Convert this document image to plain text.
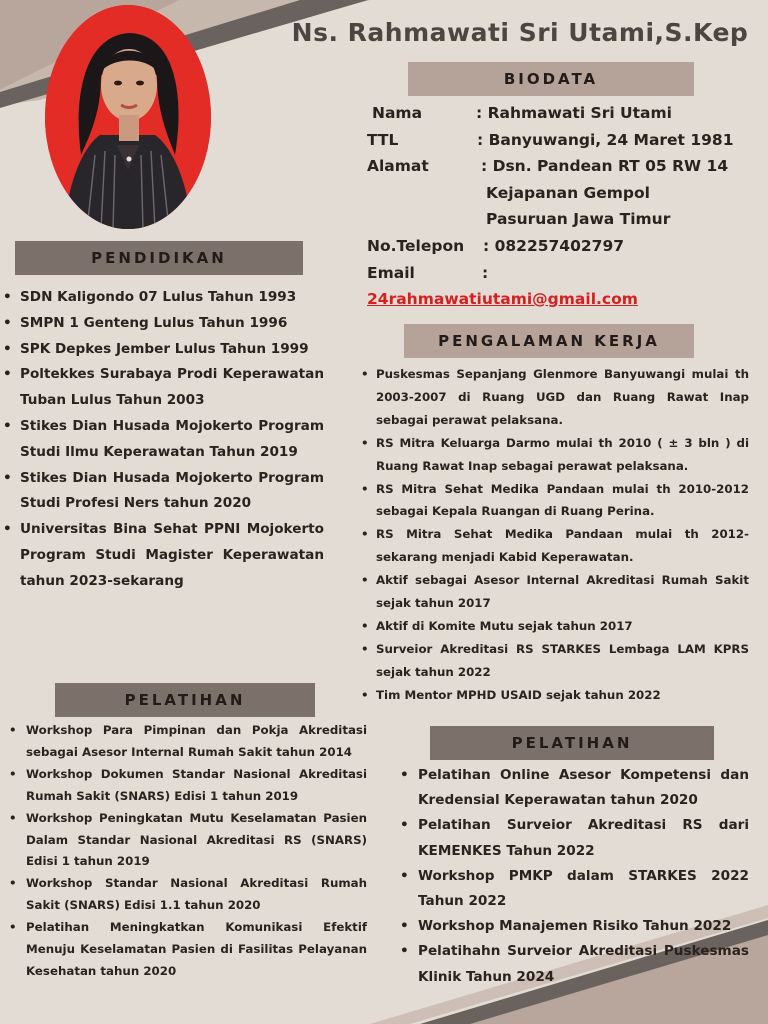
Ns. Rahmawati Sri Utami,S.Kep
BIODATA
Nama	: Rahmawati Sri Utami
TTL	: Banyuwangi, 24 Maret 1981
Alamat	: Dsn. Pandean RT 05 RW 14
Kejapanan Gempol
Pasuruan Jawa Timur
No.Telepon : 082257402797
Email	:
24rahmawatiutami@gmail.com
PENDIDIKAN
• SDN Kaligondo 07 Lulus Tahun 1993
• SMPN 1 Genteng Lulus Tahun 1996
• SPK Depkes Jember Lulus Tahun 1999
• Poltekkes Surabaya Prodi Keperawatan Tuban Lulus Tahun 2003
• Stikes Dian Husada Mojokerto Program Studi Ilmu Keperawatan Tahun 2019
• Stikes Dian Husada Mojokerto Program Studi Profesi Ners tahun 2020
• Universitas Bina Sehat PPNI Mojokerto Program Studi Magister Keperawatan tahun 2023-sekarang
PENGALAMAN KERJA
• Puskesmas Sepanjang Glenmore Banyuwangi mulai th 2003-2007 di Ruang UGD dan Ruang Rawat Inap sebagai perawat pelaksana.
• RS Mitra Keluarga Darmo mulai th 2010 ( ± 3 bln ) di Ruang Rawat Inap sebagai perawat pelaksana.
• RS Mitra Sehat Medika Pandaan mulai th 2010-2012 sebagai Kepala Ruangan di Ruang Perina.
• RS Mitra Sehat Medika Pandaan mulai th 2012-sekarang menjadi Kabid Keperawatan.
• Aktif sebagai Asesor Internal Akreditasi Rumah Sakit sejak tahun 2017
• Aktif di Komite Mutu sejak tahun 2017
• Surveior Akreditasi RS STARKES Lembaga LAM KPRS sejak tahun 2022
• Tim Mentor MPHD USAID sejak tahun 2022
PELATIHAN
• Workshop Para Pimpinan dan Pokja Akreditasi sebagai Asesor Internal Rumah Sakit tahun 2014
• Workshop Dokumen Standar Nasional Akreditasi Rumah Sakit (SNARS) Edisi 1 tahun 2019
• Workshop Peningkatan Mutu Keselamatan Pasien Dalam Standar Nasional Akreditasi RS (SNARS) Edisi 1 tahun 2019
• Workshop Standar Nasional Akreditasi Rumah Sakit (SNARS) Edisi 1.1 tahun 2020
• Pelatihan Meningkatkan Komunikasi Efektif Menuju Keselamatan Pasien di Fasilitas Pelayanan Kesehatan tahun 2020
PELATIHAN
• Pelatihan Online Asesor Kompetensi dan Kredensial Keperawatan tahun 2020
• Pelatihan Surveior Akreditasi RS dari KEMENKES Tahun 2022
• Workshop PMKP dalam STARKES 2022 Tahun 2022
• Workshop Manajemen Risiko Tahun 2022
• Pelatihahn Surveior Akreditasi Puskesmas Klinik Tahun 2024
